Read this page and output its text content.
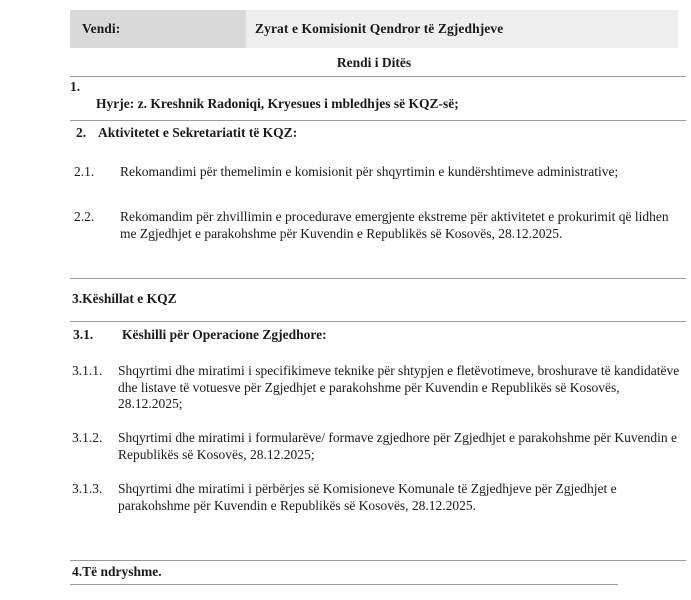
Vendi:	Zyrat e Komisionit Qendror të Zgjedhjeve
Rendi i Ditës
1.
Hyrje: z. Kreshnik Radoniqi, Kryesues i mbledhjes së KQZ-së;
2. Aktivitetet e Sekretariatit të KQZ:
2.1.	Rekomandimi për themelimin e komisionit për shqyrtimin e kundërshtimeve administrative;
2.2.	Rekomandim për zhvillimin e procedurave emergjente ekstreme për aktivitetet e prokurimit që lidhen me Zgjedhjet e parakohshme për Kuvendin e Republikës së Kosovës, 28.12.2025.
3.Këshillat e KQZ
3.1.	Këshilli për Operacione Zgjedhore:
3.1.1.	Shqyrtimi dhe miratimi i specifikimeve teknike për shtypjen e fletëvotimeve, broshurave të kandidatëve dhe listave të votuesve për Zgjedhjet e parakohshme për Kuvendin e Republikës së Kosovës, 28.12.2025;
3.1.2.	Shqyrtimi dhe miratimi i formularëve/ formave zgjedhore për Zgjedhjet e parakohshme për Kuvendin e Republikës së Kosovës, 28.12.2025;
3.1.3.	Shqyrtimi dhe miratimi i përbërjes së Komisioneve Komunale të Zgjedhjeve për Zgjedhjet e parakohshme për Kuvendin e Republikës së Kosovës, 28.12.2025.
4.Të ndryshme.
